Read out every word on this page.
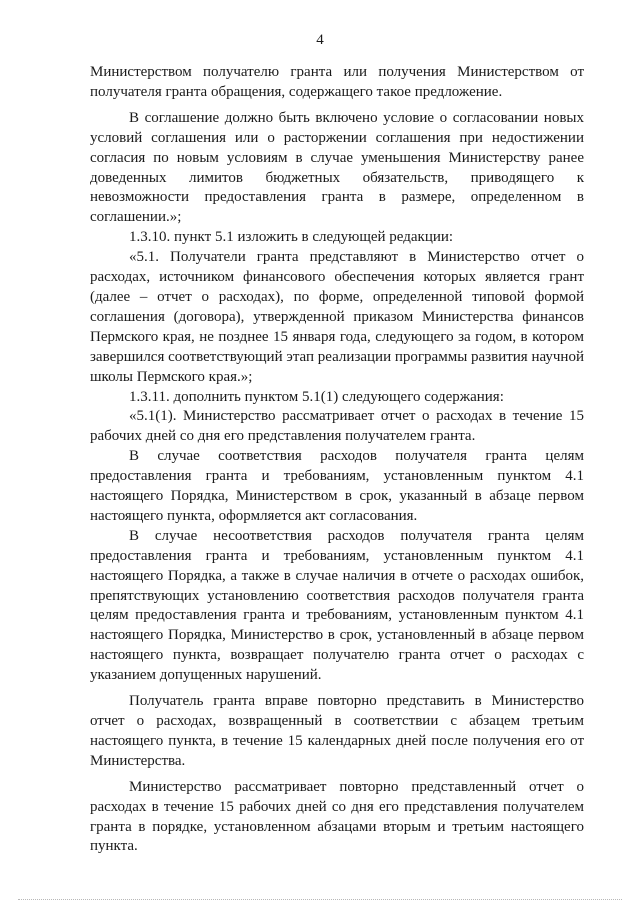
4

Министерством получателю гранта или получения Министерством от получателя гранта обращения, содержащего такое предложение.

В соглашение должно быть включено условие о согласовании новых условий соглашения или о расторжении соглашения при недостижении согласия по новым условиям в случае уменьшения Министерству ранее доведенных лимитов бюджетных обязательств, приводящего к невозможности предоставления гранта в размере, определенном в соглашении.»;

1.3.10. пункт 5.1 изложить в следующей редакции:

«5.1. Получатели гранта представляют в Министерство отчет о расходах, источником финансового обеспечения которых является грант (далее – отчет о расходах), по форме, определенной типовой формой соглашения (договора), утвержденной приказом Министерства финансов Пермского края, не позднее 15 января года, следующего за годом, в котором завершился соответствующий этап реализации программы развития научной школы Пермского края.»;

1.3.11. дополнить пунктом 5.1(1) следующего содержания:

«5.1(1). Министерство рассматривает отчет о расходах в течение 15 рабочих дней со дня его представления получателем гранта.

В случае соответствия расходов получателя гранта целям предоставления гранта и требованиям, установленным пунктом 4.1 настоящего Порядка, Министерством в срок, указанный в абзаце первом настоящего пункта, оформляется акт согласования.

В случае несоответствия расходов получателя гранта целям предоставления гранта и требованиям, установленным пунктом 4.1 настоящего Порядка, а также в случае наличия в отчете о расходах ошибок, препятствующих установлению соответствия расходов получателя гранта целям предоставления гранта и требованиям, установленным пунктом 4.1 настоящего Порядка, Министерство в срок, установленный в абзаце первом настоящего пункта, возвращает получателю гранта отчет о расходах с указанием допущенных нарушений.

Получатель гранта вправе повторно представить в Министерство отчет о расходах, возвращенный в соответствии с абзацем третьим настоящего пункта, в течение 15 календарных дней после получения его от Министерства.

Министерство рассматривает повторно представленный отчет о расходах в течение 15 рабочих дней со дня его представления получателем гранта в порядке, установленном абзацами вторым и третьим настоящего пункта.
